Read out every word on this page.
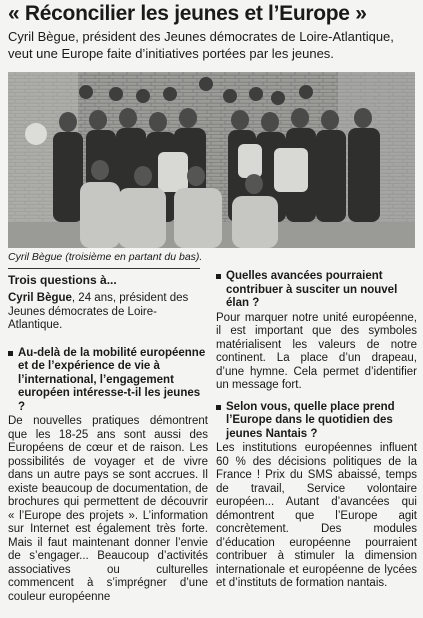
« Réconcilier les jeunes et l’Europe »
Cyril Bègue, président des Jeunes démocrates de Loire-Atlantique, veut une Europe faite d’initiatives portées par les jeunes.
Cyril Bègue (troisième en partant du bas).
Trois questions à...

Cyril Bègue, 24 ans, président des Jeunes démocrates de Loire-Atlantique.

Au-delà de la mobilité européenne et de l’expérience de vie à l’international, l’engagement européen intéresse-t-il les jeunes ?

De nouvelles pratiques démontrent que les 18-25 ans sont aussi des Européens de cœur et de raison. Les possibilités de voyager et de vivre dans un autre pays se sont accrues. Il existe beaucoup de documentation, de brochures qui permettent de découvrir « l’Europe des projets ». L’information sur Internet est également très forte. Mais il faut maintenant donner l’envie de s’engager... Beaucoup d’activités associatives ou culturelles commencent à s’imprégner d’une couleur européenne

Quelles avancées pourraient contribuer à susciter un nouvel élan ?

Pour marquer notre unité européenne, il est important que des symboles matérialisent les valeurs de notre continent. La place d’un drapeau, d’une hymne. Cela permet d’identifier un message fort.

Selon vous, quelle place prend l’Europe dans le quotidien des jeunes Nantais ?

Les institutions européennes influent 60 % des décisions politiques de la France ! Prix du SMS abaissé, temps de travail, Service volontaire européen... Autant d’avancées qui démontrent que l’Europe agit concrètement. Des modules d’éducation européenne pourraient contribuer à stimuler la dimension internationale et européenne de lycées et d’instituts de formation nantais.
